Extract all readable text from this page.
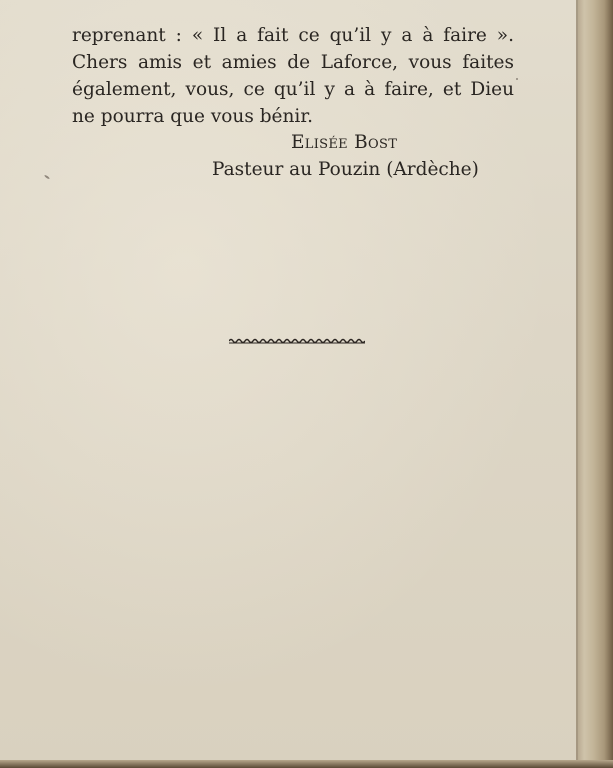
reprenant : « Il a fait ce qu’il y a à faire ».
Chers amis et amies de Laforce, vous faites
également, vous, ce qu’il y a à faire, et Dieu
ne pourra que vous bénir.
Elisée Bost
Pasteur au Pouzin (Ardèche)
